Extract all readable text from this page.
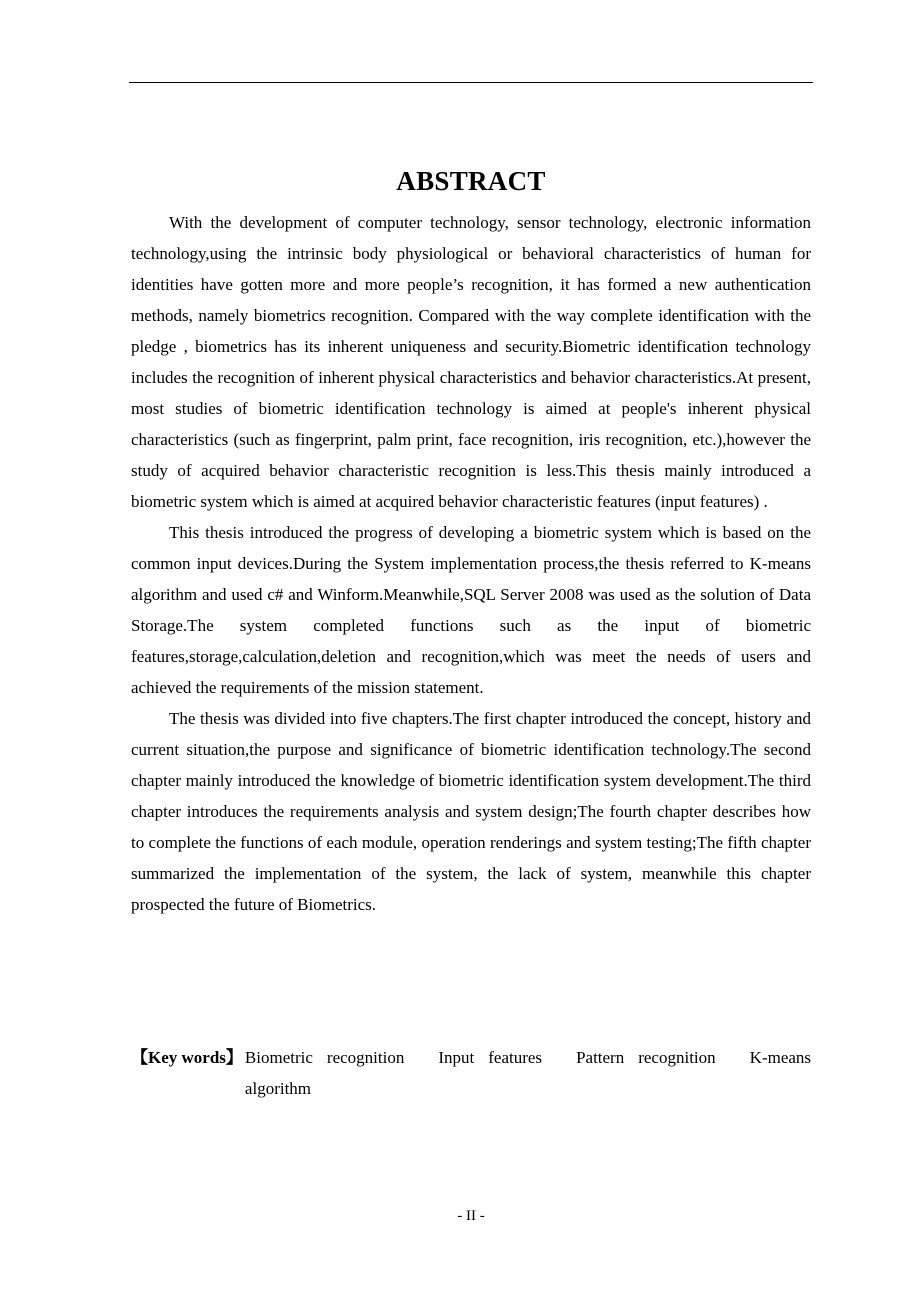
ABSTRACT

With the development of computer technology, sensor technology, electronic information technology,using the intrinsic body physiological or behavioral characteristics of human for identities have gotten more and more people’s recognition, it has formed a new authentication methods, namely biometrics recognition. Compared with the way complete identification with the pledge , biometrics has its inherent uniqueness and security.Biometric identification technology includes the recognition of inherent physical characteristics and behavior characteristics.At present, most studies of biometric identification technology is aimed at people's inherent physical characteristics (such as fingerprint, palm print, face recognition, iris recognition, etc.),however the study of acquired behavior characteristic recognition is less.This thesis mainly introduced a biometric system which is aimed at acquired behavior characteristic features (input features) .

This thesis introduced the progress of developing a biometric system which is based on the common input devices.During the System implementation process,the thesis referred to K-means algorithm and used c# and Winform.Meanwhile,SQL Server 2008 was used as the solution of Data Storage.The system completed functions such as the input of biometric features,storage,calculation,deletion and recognition,which was meet the needs of users and achieved the requirements of the mission statement.

The thesis was divided into five chapters.The first chapter introduced the concept, history and current situation,the purpose and significance of biometric identification technology.The second chapter mainly introduced the knowledge of biometric identification system development.The third chapter introduces the requirements analysis and system design;The fourth chapter describes how to complete the functions of each module, operation renderings and system testing;The fifth chapter summarized the implementation of the system, the lack of system, meanwhile this chapter prospected the future of Biometrics.

【Key words】 Biometric recognition Input features Pattern recognition K-means algorithm
- II -
